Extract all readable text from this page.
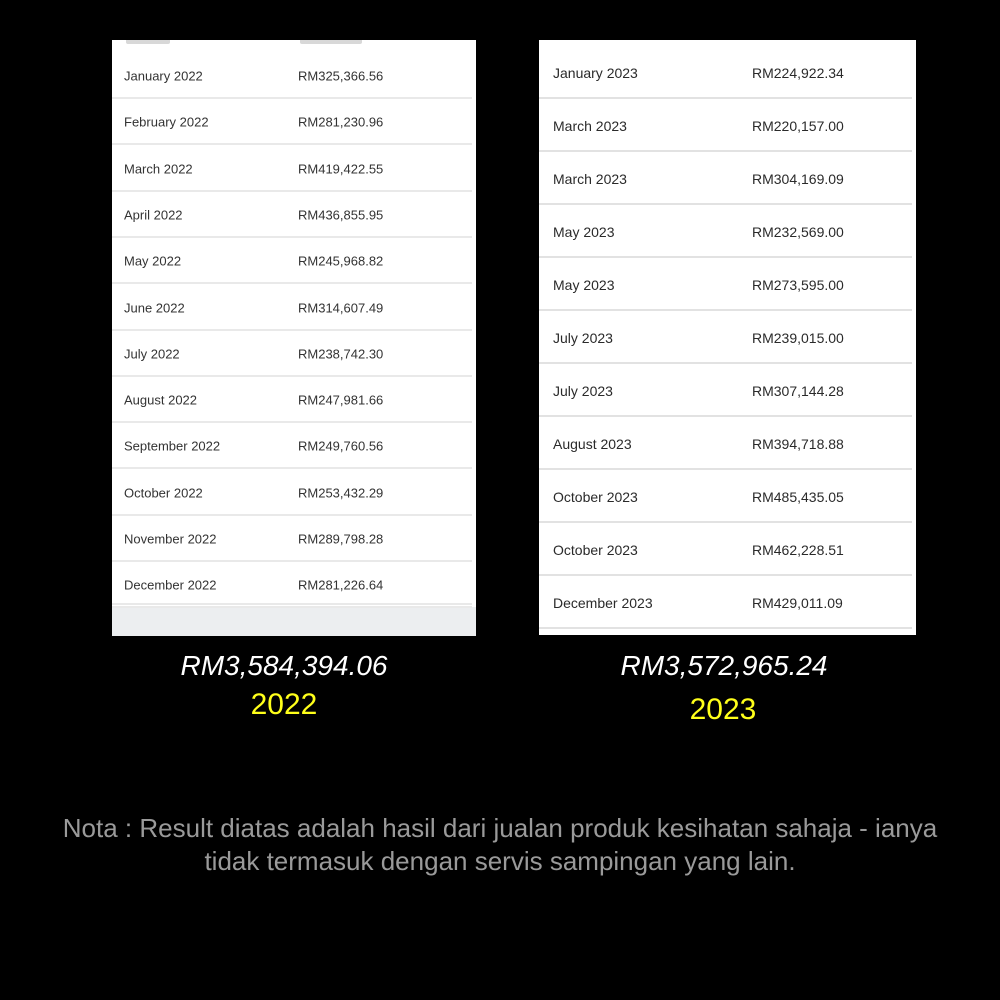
January 2022	RM325,366.56
February 2022	RM281,230.96
March 2022	RM419,422.55
April 2022	RM436,855.95
May 2022	RM245,968.82
June 2022	RM314,607.49
July 2022	RM238,742.30
August 2022	RM247,981.66
September 2022	RM249,760.56
October 2022	RM253,432.29
November 2022	RM289,798.28
December 2022	RM281,226.64
January 2023	RM224,922.34
March 2023	RM220,157.00
March 2023	RM304,169.09
May 2023	RM232,569.00
May 2023	RM273,595.00
July 2023	RM239,015.00
July 2023	RM307,144.28
August 2023	RM394,718.88
October 2023	RM485,435.05
October 2023	RM462,228.51
December 2023	RM429,011.09
RM3,584,394.06
2022
RM3,572,965.24
2023
Nota : Result diatas adalah hasil dari jualan produk kesihatan sahaja - ianya tidak termasuk dengan servis sampingan yang lain.
